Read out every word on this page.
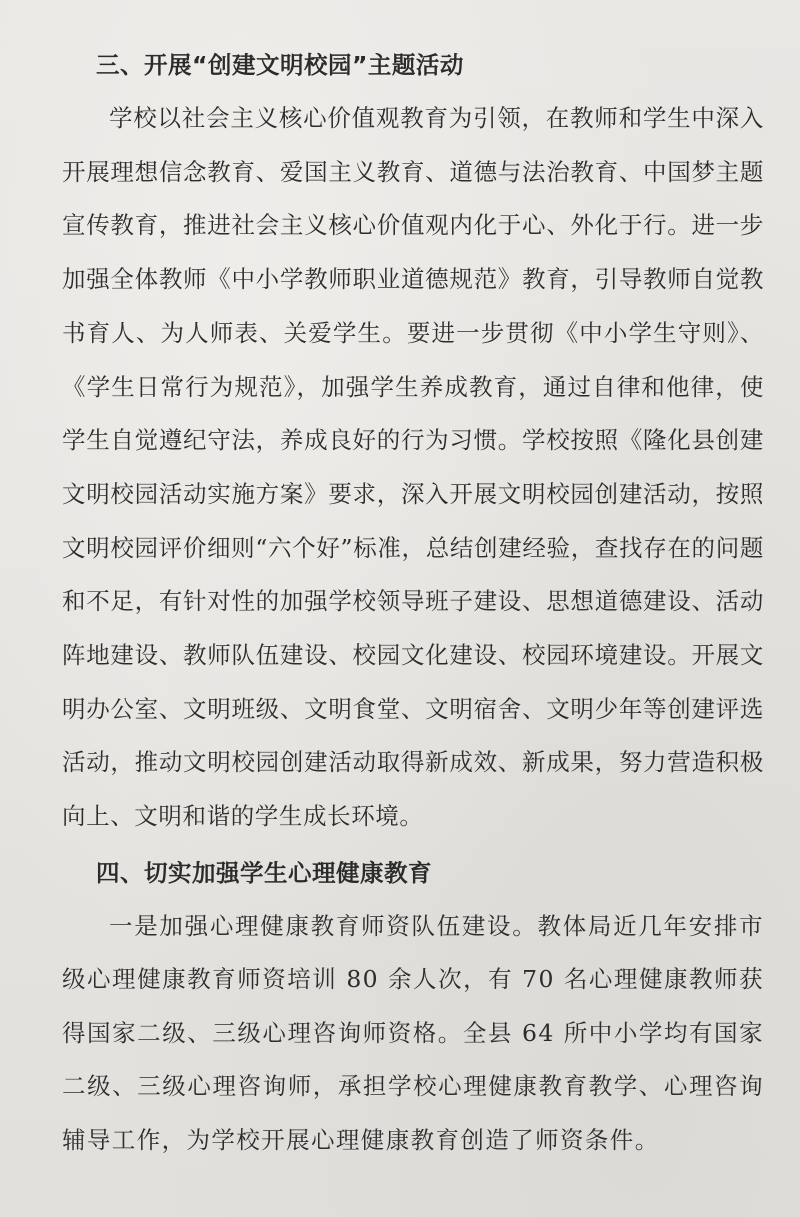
三、开展“创建文明校园”主题活动

学校以社会主义核心价值观教育为引领，在教师和学生中深入开展理想信念教育、爱国主义教育、道德与法治教育、中国梦主题宣传教育，推进社会主义核心价值观内化于心、外化于行。进一步加强全体教师《中小学教师职业道德规范》教育，引导教师自觉教书育人、为人师表、关爱学生。要进一步贯彻《中小学生守则》、《学生日常行为规范》，加强学生养成教育，通过自律和他律，使学生自觉遵纪守法，养成良好的行为习惯。学校按照《隆化县创建文明校园活动实施方案》要求，深入开展文明校园创建活动，按照文明校园评价细则“六个好”标准，总结创建经验，查找存在的问题和不足，有针对性的加强学校领导班子建设、思想道德建设、活动阵地建设、教师队伍建设、校园文化建设、校园环境建设。开展文明办公室、文明班级、文明食堂、文明宿舍、文明少年等创建评选活动，推动文明校园创建活动取得新成效、新成果，努力营造积极向上、文明和谐的学生成长环境。

四、切实加强学生心理健康教育

一是加强心理健康教育师资队伍建设。教体局近几年安排市级心理健康教育师资培训 80 余人次，有 70 名心理健康教师获得国家二级、三级心理咨询师资格。全县 64 所中小学均有国家二级、三级心理咨询师，承担学校心理健康教育教学、心理咨询辅导工作，为学校开展心理健康教育创造了师资条件。
